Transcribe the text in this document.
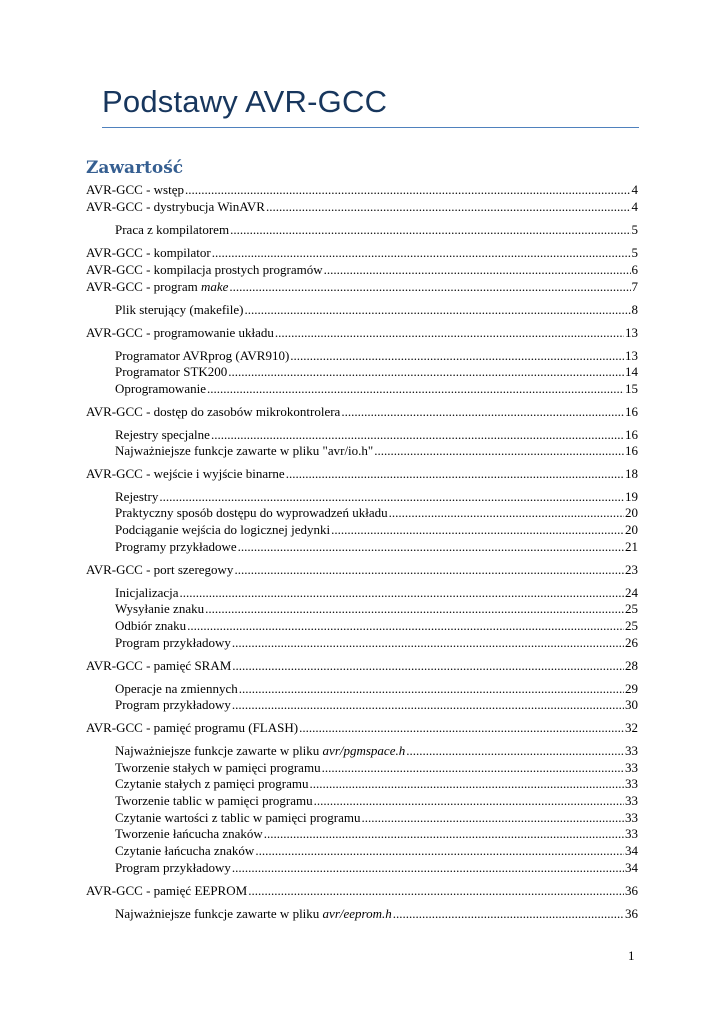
Podstawy AVR-GCC
Zawartość
AVR-GCC - wstęp .....	4
AVR-GCC - dystrybucja WinAVR .....	4
Praca z kompilatorem .....	5
AVR-GCC - kompilator .....	5
AVR-GCC - kompilacja prostych programów .....	6
AVR-GCC - program make .....	7
Plik sterujący (makefile) .....	8
AVR-GCC - programowanie układu .....	13
Programator AVRprog (AVR910) .....	13
Programator STK200 .....	14
Oprogramowanie .....	15
AVR-GCC - dostęp do zasobów mikrokontrolera .....	16
Rejestry specjalne .....	16
Najważniejsze funkcje zawarte w pliku "avr/io.h" .....	16
AVR-GCC - wejście i wyjście binarne .....	18
Rejestry .....	19
Praktyczny sposób dostępu do wyprowadzeń układu .....	20
Podciąganie wejścia do logicznej jedynki .....	20
Programy przykładowe .....	21
AVR-GCC - port szeregowy .....	23
Inicjalizacja .....	24
Wysyłanie znaku .....	25
Odbiór znaku .....	25
Program przykładowy .....	26
AVR-GCC - pamięć SRAM .....	28
Operacje na zmiennych .....	29
Program przykładowy .....	30
AVR-GCC - pamięć programu (FLASH) .....	32
Najważniejsze funkcje zawarte w pliku avr/pgmspace.h .....	33
Tworzenie stałych w pamięci programu .....	33
Czytanie stałych z pamięci programu .....	33
Tworzenie tablic w pamięci programu .....	33
Czytanie wartości z tablic w pamięci programu .....	33
Tworzenie łańcucha znaków .....	33
Czytanie łańcucha znaków .....	34
Program przykładowy .....	34
AVR-GCC - pamięć EEPROM .....	36
Najważniejsze funkcje zawarte w pliku avr/eeprom.h .....	36
1
